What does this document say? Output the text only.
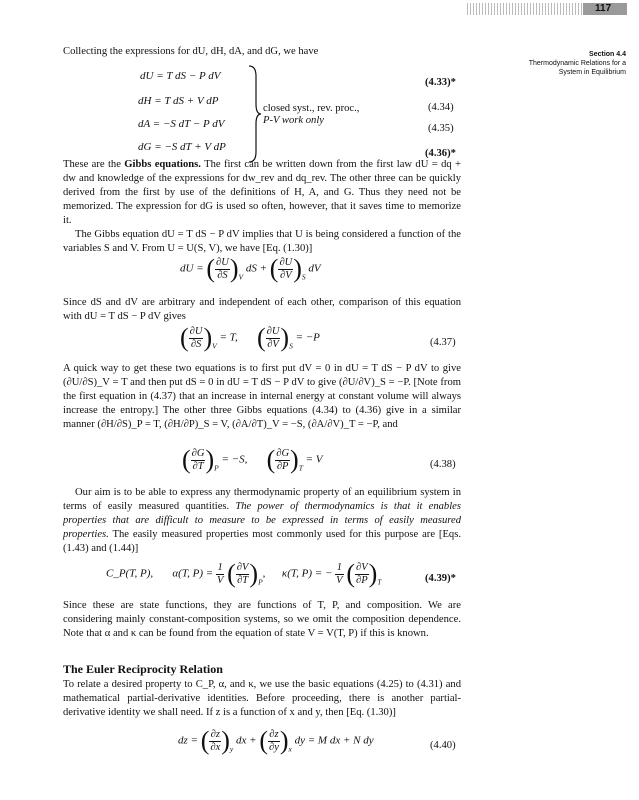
117
Section 4.4
Thermodynamic Relations for a
System in Equilibrium
Collecting the expressions for dU, dH, dA, and dG, we have
dU = T dS − P dV
dH = T dS + V dP
dA = −S dT − P dV
dG = −S dT + V dP
closed syst., rev. proc.,
P-V work only
(4.33)*
(4.34)
(4.35)
(4.36)*
These are the Gibbs equations. The first can be written down from the first law dU = dq + dw and knowledge of the expressions for dw_rev and dq_rev. The other three can be quickly derived from the first by use of the definitions of H, A, and G. Thus they need not be memorized. The expression for dG is used so often, however, that it saves time to memorize it.
The Gibbs equation dU = T dS − P dV implies that U is being considered a function of the variables S and V. From U = U(S, V), we have [Eq. (1.30)]
dU = ( $\frac{\partial U}{\partial S} )_V$ dS + ( $\frac{\partial U}{\partial V} )_S$ dV
Since dS and dV are arbitrary and independent of each other, comparison of this equation with dU = T dS − P dV gives
( $\frac{\partial U}{\partial S} )_V = T$, ( $\frac{\partial U}{\partial V} )_S = -P$	(4.37)
A quick way to get these two equations is to first put dV = 0 in dU = T dS − P dV to give (∂U/∂S)_V = T and then put dS = 0 in dU = T dS − P dV to give (∂U/∂V)_S = −P. [Note from the first equation in (4.37) that an increase in internal energy at constant volume will always increase the entropy.] The other three Gibbs equations (4.34) to (4.36) give in a similar manner (∂H/∂S)_P = T, (∂H/∂P)_S = V, (∂A/∂T)_V = −S, (∂A/∂V)_T = −P, and
( $\frac{\partial G}{\partial T} )_P = -S$, ( $\frac{\partial G}{\partial P} )_T = V$	(4.38)
Our aim is to be able to express any thermodynamic property of an equilibrium system in terms of easily measured quantities. The power of thermodynamics is that it enables properties that are difficult to measure to be expressed in terms of easily measured properties. The easily measured properties most commonly used for this purpose are [Eqs. (1.43) and (1.44)]
C_P(T, P), α(T, $P) = \frac{1}{V}$ ( $\frac{\partial V}{\partial T} )_P$,      κ(T, P) = − $\frac{1}{V}$ ( $\frac{\partial V}{\partial P} )_T$	(4.39)*
Since these are state functions, they are functions of T, P, and composition. We are considering mainly constant-composition systems, so we omit the composition dependence. Note that α and κ can be found from the equation of state V = V(T, P) if this is known.
The Euler Reciprocity Relation
To relate a desired property to C_P, α, and κ, we use the basic equations (4.25) to (4.31) and mathematical partial-derivative identities. Before proceeding, there is another partial-derivative identity we shall need. If z is a function of x and y, then [Eq. (1.30)]
dz = ( $\frac{\partial z}{\partial x} )_y$ dx + ( $\frac{\partial z}{\partial y} )_x$ dy = M dx + N dy	(4.40)
